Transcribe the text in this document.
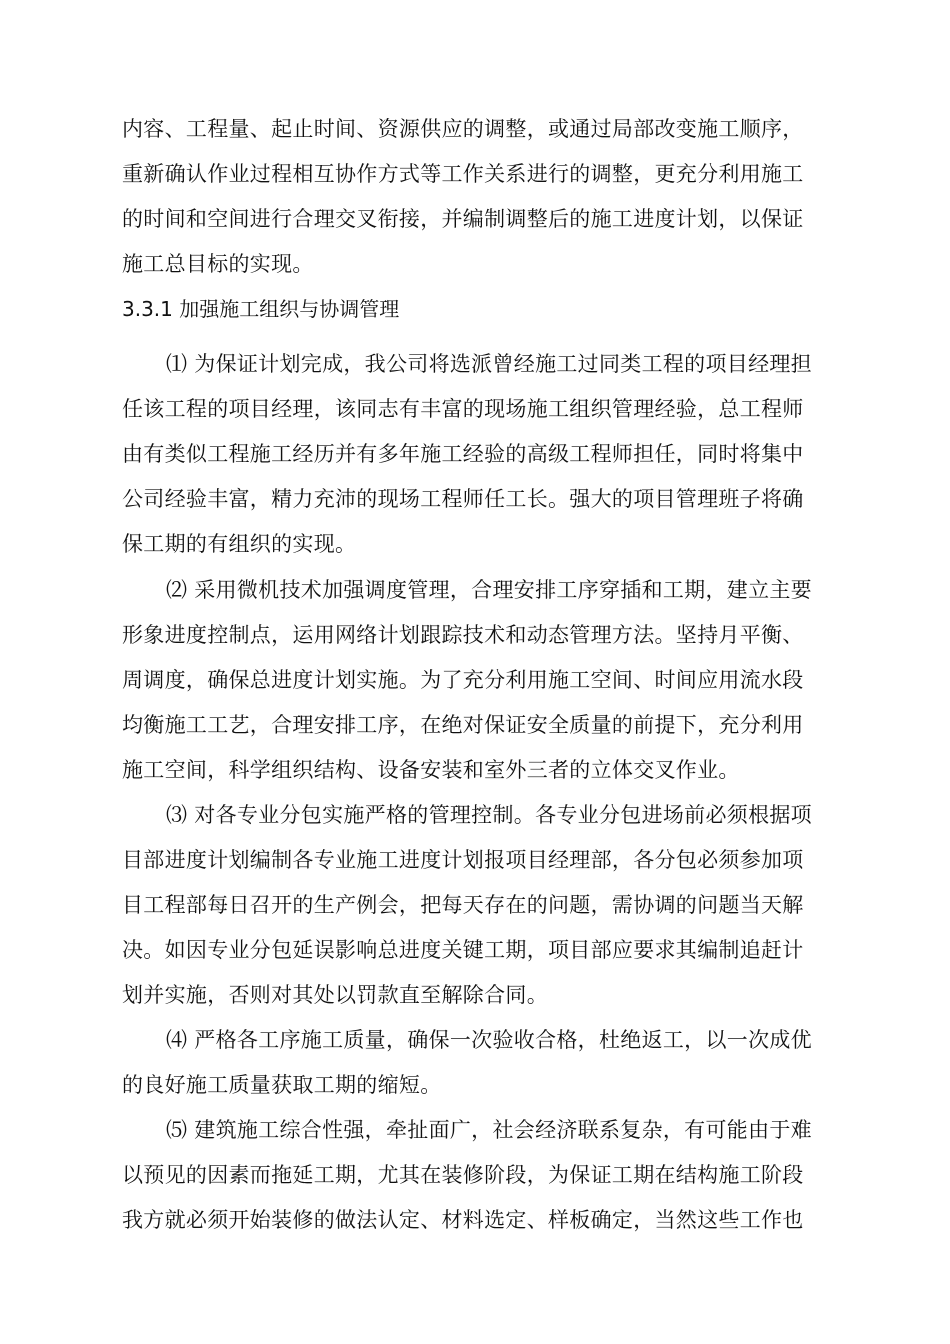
内容、工程量、起止时间、资源供应的调整，或通过局部改变施工顺序，
重新确认作业过程相互协作方式等工作关系进行的调整，更充分利用施工
的时间和空间进行合理交叉衔接，并编制调整后的施工进度计划，以保证
施工总目标的实现。
3.3.1 加强施工组织与协调管理
⑴ 为保证计划完成，我公司将选派曾经施工过同类工程的项目经理担
任该工程的项目经理，该同志有丰富的现场施工组织管理经验，总工程师
由有类似工程施工经历并有多年施工经验的高级工程师担任，同时将集中
公司经验丰富，精力充沛的现场工程师任工长。强大的项目管理班子将确
保工期的有组织的实现。
⑵ 采用微机技术加强调度管理，合理安排工序穿插和工期，建立主要
形象进度控制点，运用网络计划跟踪技术和动态管理方法。坚持月平衡、
周调度，确保总进度计划实施。为了充分利用施工空间、时间应用流水段
均衡施工工艺，合理安排工序，在绝对保证安全质量的前提下，充分利用
施工空间，科学组织结构、设备安装和室外三者的立体交叉作业。
⑶ 对各专业分包实施严格的管理控制。各专业分包进场前必须根据项
目部进度计划编制各专业施工进度计划报项目经理部，各分包必须参加项
目工程部每日召开的生产例会，把每天存在的问题，需协调的问题当天解
决。如因专业分包延误影响总进度关键工期，项目部应要求其编制追赶计
划并实施，否则对其处以罚款直至解除合同。
⑷ 严格各工序施工质量，确保一次验收合格，杜绝返工，以一次成优
的良好施工质量获取工期的缩短。
⑸ 建筑施工综合性强，牵扯面广，社会经济联系复杂，有可能由于难
以预见的因素而拖延工期，尤其在装修阶段，为保证工期在结构施工阶段
我方就必须开始装修的做法认定、材料选定、样板确定，当然这些工作也
